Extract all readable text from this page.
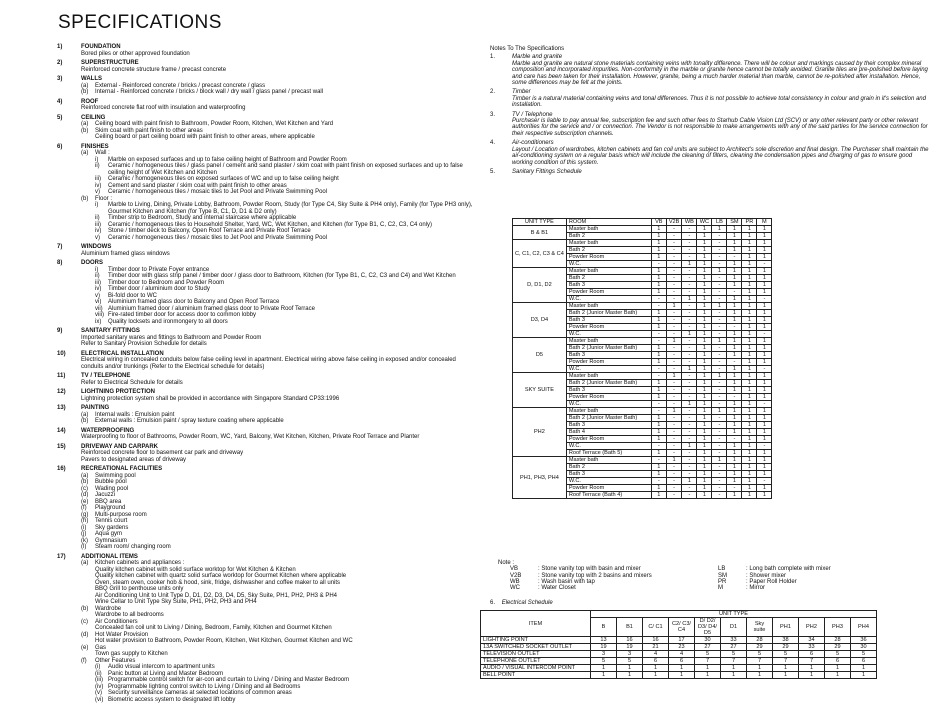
SPECIFICATIONS
1)	FOUNDATION
Bored piles or other approved foundation
2)	SUPERSTRUCTURE
Reinforced concrete structure frame / precast concrete
3)	WALLS
(a)	External - Reinforced concrete / bricks / precast concrete / glass
(b)	Internal - Reinforced concrete / bricks / block wall / dry wall / glass panel / precast wall
4)	ROOF
Reinforced concrete flat roof with insulation and waterproofing
5)	CEILING
(a)	Ceiling board with paint finish to Bathroom, Powder Room, Kitchen, Wet Kitchen and Yard
(b)	Skim coat with paint finish to other areas
Ceiling board or part ceiling board with paint finish to other areas, where applicable
6)	FINISHES
(a)	Wall :
i)	Marble on exposed surfaces and up to false ceiling height of Bathroom and Powder Room
ii)	Ceramic / homogeneous tiles / glass panel / cement and sand plaster / skim coat with paint finish on exposed surfaces and up to false ceiling height of Wet Kitchen and Kitchen
iii)	Ceramic / homogeneous tiles on exposed surfaces of WC and up to false ceiling height
iv)	Cement and sand plaster / skim coat with paint finish to other areas
v)	Ceramic / homogeneous tiles / mosaic tiles to Jet Pool and Private Swimming Pool
(b)	Floor :
i)	Marble to Living, Dining, Private Lobby, Bathroom, Powder Room, Study (for Type C4, Sky Suite & PH4 only), Family (for Type PH3 only), Gourmet Kitchen and Kitchen (for Type B, C1, D, D1 & D2 only)
ii)	Timber strip to Bedroom, Study and internal staircase where applicable
iii)	Ceramic / homogeneous tiles to Household Shelter, Yard, WC, Wet Kitchen, and Kitchen (for Type B1, C, C2, C3, C4 only)
iv)	Stone / timber deck to Balcony, Open Roof Terrace and Private Roof Terrace
v)	Ceramic / homogeneous tiles / mosaic tiles to Jet Pool and Private Swimming Pool
7)	WINDOWS
Aluminium framed glass windows
8)	DOORS
i)	Timber door to Private Foyer entrance
ii)	Timber door with glass strip panel / timber door / glass door to Bathroom, Kitchen (for Type B1, C, C2, C3 and C4) and Wet Kitchen
iii)	Timber door to Bedroom and Powder Room
iv)	Timber door / aluminium door to Study
v)	Bi-fold door to WC
vi)	Aluminium framed glass door to Balcony and Open Roof Terrace
vii) Aluminium framed door / aluminium framed glass door to Private Roof Terrace
viii) Fire-rated timber door for access door to common lobby
ix)	Quality locksets and ironmongery to all doors
9)	SANITARY FITTINGS
Imported sanitary wares and fittings to Bathroom and Powder Room
Refer to Sanitary Provision Schedule for details
10)	ELECTRICAL INSTALLATION
Electrical wiring in concealed conduits below false ceiling level in apartment. Electrical wiring above false ceiling in exposed and/or concealed conduits and/or trunkings (Refer to the Electrical schedule for details)
11)	TV / TELEPHONE
Refer to Electrical Schedule for details
12)	LIGHTNING PROTECTION
Lightning protection system shall be provided in accordance with Singapore Standard CP33:1996
13)	PAINTING
(a)	Internal walls : Emulsion paint
(b)	External walls : Emulsion paint / spray texture coating where applicable
14)	WATERPROOFING
Waterproofing to floor of Bathrooms, Powder Room, WC, Yard, Balcony, Wet Kitchen, Kitchen, Private Roof Terrace and Planter
15)	DRIVEWAY AND CARPARK
Reinforced concrete floor to basement car park and driveway
Pavers to designated areas of driveway
16)	RECREATIONAL FACILITIES
(a)	Swimming pool
(b)	Bubble pool
(c)	Wading pool
(d)	Jacuzzi
(e)	BBQ area
(f)	Playground
(g)	Multi-purpose room
(h)	Tennis court
(i)	Sky gardens
(j)	Aqua gym
(k)	Gymnasium
(l)	Steam room/ changing room
17)	ADDITIONAL ITEMS
(a)	Kitchen cabinets and appliances :
Quality kitchen cabinet with solid surface worktop for Wet Kitchen & Kitchen
Quality kitchen cabinet with quartz solid surface worktop for Gourmet Kitchen where applicable
Oven, steam oven, cooker hob & hood, sink, fridge, dishwasher and coffee maker to all units
BBQ Grill to penthouse units only
Air Conditioning Unit to Unit Type D, D1, D2, D3, D4, D5, Sky Suite, PH1, PH2, PH3 & PH4
Wine Cellar to Unit Type Sky Suite, PH1, PH2, PH3 and PH4
(b)	Wardrobe
Wardrobe to all bedrooms
(c)	Air Conditioners
Concealed fan coil unit to Living / Dining, Bedroom, Family, Kitchen and Gourmet Kitchen
(d)	Hot Water Provision
Hot water provision to Bathroom, Powder Room, Kitchen, Wet Kitchen, Gourmet Kitchen and WC
(e)	Gas
Town gas supply to Kitchen
(f)	Other Features
(i)	Audio visual intercom to apartment units
(ii)	Panic button at Living and Master Bedroom
(iii) Programmable control switch for air-con and curtain to Living / Dining and Master Bedroom
(iv) Programmable lighting control switch to Living / Dining and all Bedrooms
(v)	Security surveillance cameras at selected locations of common areas
(vi) Biometric access system to designated lift lobby
Notes To The Specifications
1.	Marble and granite
Marble and granite are natural stone materials containing veins with tonality difference. There will be colour and markings caused by their complex mineral composition and incorporated impurities. Non-conformity in the marble or granite hence cannot be totally avoided. Granite tiles are pre-polished before laying and care has been taken for their installation. However, granite, being a much harder material than marble, cannot be re-polished after installation. Hence, some differences may be felt at the joints.
2.	Timber
Timber is a natural material containing veins and tonal differences. Thus it is not possible to achieve total consistency in colour and grain in it's selection and installation.
3.	TV / Telephone
Purchaser is liable to pay annual fee, subscription fee and such other fees to Starhub Cable Vision Ltd (SCV) or any other relevant party or other relevant authorities for the service and / or connection. The Vendor is not responsible to make arrangements with any of the said parties for the service connection for their respective subscription channels.
4.	Air-conditioners
Layout / Location of wardrobes, kitchen cabinets and fan coil units are subject to Architect's sole discretion and final design. The Purchaser shall maintain the air-conditioning system on a regular basis which will include the cleaning of filters, cleaning the condensation pipes and charging of gas to ensure good working condition of this system.
5.	Sanitary Fittings Schedule
UNIT TYPE	ROOM	VB	V2B	WB	WC	LB	SM	PR	M
B & B1	Master bath	1	-	-	1	1	1	1	1
	Bath 2	1	-	-	1	-	1	1	1
C, C1, C2, C3 & C4	Master bath	1	-	-	1	-	1	1	1
	Bath 2	1	-	-	1	-	1	1	1
	Powder Room	1	-	-	1	-	-	1	1
	W.C.	-	-	1	1	-	1	1	-
D, D1, D2	Master bath	1	-	-	1	1	1	1	1
	Bath 2	1	-	-	1	-	1	1	1
	Bath 3	1	-	-	1	-	1	1	1
	Powder Room	1	-	-	1	-	-	1	1
	W.C.	-	-	1	1	-	1	1	-
D3, D4	Master bath	-	1	-	1	1	1	1	1
	Bath 2 (Junior Master Bath)	1	-	-	1	-	1	1	1
	Bath 3	1	-	-	1	-	1	1	1
	Powder Room	1	-	-	1	-	-	1	1
	W.C.	-	-	1	1	-	1	1	-
D5	Master bath	-	1	-	1	1	1	1	1
	Bath 2 (Junior Master Bath)	1	-	-	1	-	1	1	1
	Bath 3	1	-	-	1	-	1	1	1
	Powder Room	1	-	-	1	-	-	1	1
	W.C.	-	-	1	1	-	1	1	-
SKY SUITE	Master bath	-	1	-	1	1	1	1	1
	Bath 2 (Junior Master Bath)	1	-	-	1	-	1	1	1
	Bath 3	1	-	-	1	-	1	1	1
	Powder Room	1	-	-	1	-	-	1	1
	W.C.	-	-	1	1	-	1	1	-
PH2	Master bath	-	1	-	1	1	1	1	1
	Bath 2 (Junior Master Bath)	1	-	-	1	-	1	1	1
	Bath 3	1	-	-	1	-	1	1	1
	Bath 4	1	-	-	1	-	1	1	1
	Powder Room	1	-	-	1	-	-	1	1
	W.C.	-	-	1	1	-	1	1	-
	Roof Terrace (Bath 5)	1	-	-	1	-	1	1	1
PH1, PH3, PH4	Master bath	-	1	-	1	1	1	1	1
	Bath 2	1	-	-	1	-	1	1	1
	Bath 3	1	-	-	1	-	1	1	1
	W.C.	-	-	1	1	-	1	1	-
	Powder Room	1	-	-	1	-	-	1	1
	Roof Terrace (Bath 4)	1	-	-	1	-	1	1	1
Note :
VB	: Stone vanity top with basin and mixer	LB	: Long bath complete with mixer
V2B	: Stone vanity top with 2 basins and mixers	SM	: Shower mixer
WB	: Wash basin with tap	PR	: Paper Roll Holder
WC	: Water Closet	M	: Mirror
6. Electrical Schedule
ITEM	UNIT TYPE										
	B	B1	C/ C1	C2/ C3/ C4	D/ D2/ D3/ D4/ D5	D1	Sky suite	PH1	PH2	PH3	PH4
LIGHTING POINT	13	16	16	17	30	33	28	38	34	28	36
13A SWITCHED SOCKET OUTLET	19	19	21	23	27	27	29	29	33	29	30
TELEVISION OUTLET	3	3	4	4	5	5	5	5	6	5	5
TELEPHONE OUTLET	5	5	6	6	7	7	7	7	7	6	6
AUDIO / VISUAL INTERCOM POINT	1	1	1	1	1	1	1	1	1	1	1
BELL POINT	1	1	1	1	1	1	1	1	1	1	1
